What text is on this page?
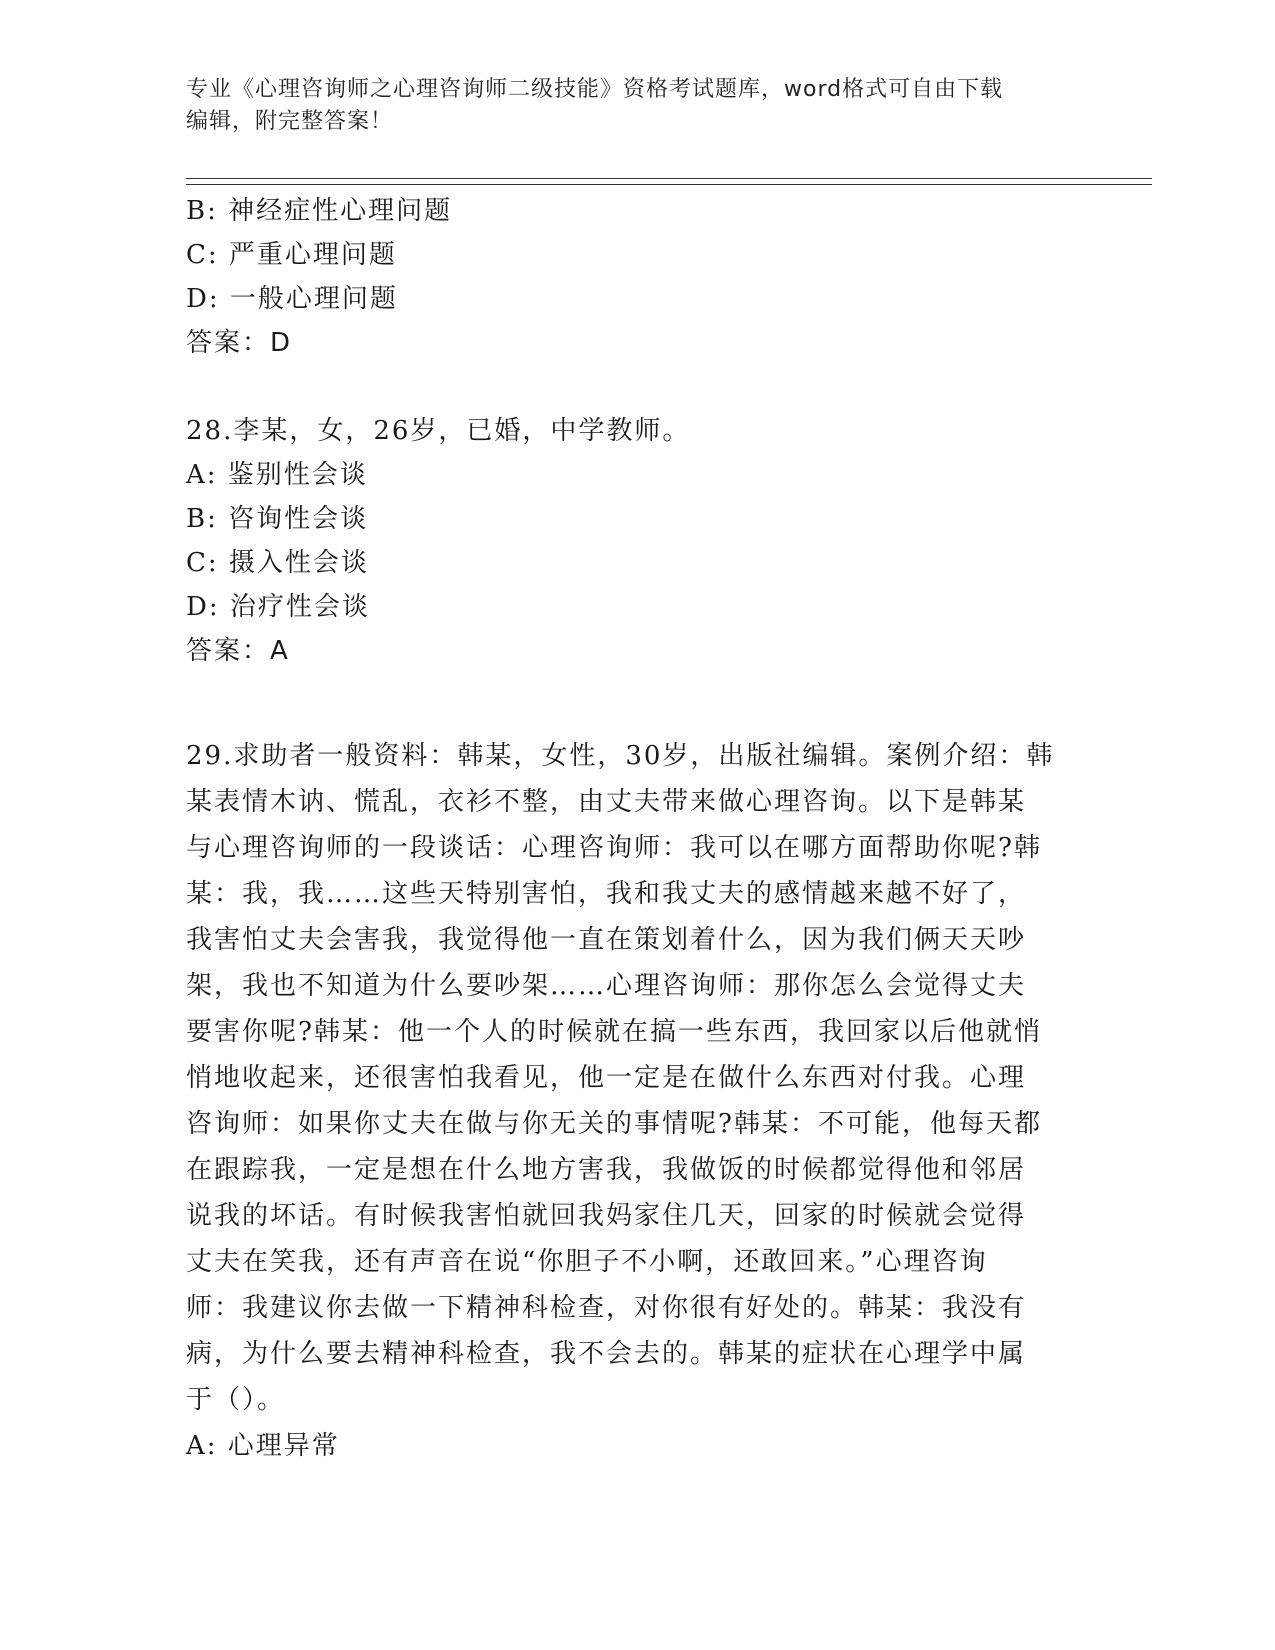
专业《心理咨询师之心理咨询师二级技能》资格考试题库，word格式可自由下载
编辑，附完整答案！
B: 神经症性心理问题
C: 严重心理问题
D: 一般心理问题
答案：D
28.李某，女，26岁，已婚，中学教师。
A: 鉴别性会谈
B: 咨询性会谈
C: 摄入性会谈
D: 治疗性会谈
答案：A
29.求助者一般资料：韩某，女性，30岁，出版社编辑。案例介绍：韩
某表情木讷、慌乱，衣衫不整，由丈夫带来做心理咨询。以下是韩某
与心理咨询师的一段谈话：心理咨询师：我可以在哪方面帮助你呢?韩
某：我，我……这些天特别害怕，我和我丈夫的感情越来越不好了，
我害怕丈夫会害我，我觉得他一直在策划着什么，因为我们俩天天吵
架，我也不知道为什么要吵架……心理咨询师：那你怎么会觉得丈夫
要害你呢?韩某：他一个人的时候就在搞一些东西，我回家以后他就悄
悄地收起来，还很害怕我看见，他一定是在做什么东西对付我。心理
咨询师：如果你丈夫在做与你无关的事情呢?韩某：不可能，他每天都
在跟踪我，一定是想在什么地方害我，我做饭的时候都觉得他和邻居
说我的坏话。有时候我害怕就回我妈家住几天，回家的时候就会觉得
丈夫在笑我，还有声音在说“你胆子不小啊，还敢回来。”心理咨询
师：我建议你去做一下精神科检查，对你很有好处的。韩某：我没有
病，为什么要去精神科检查，我不会去的。韩某的症状在心理学中属
于（）。
A: 心理异常
